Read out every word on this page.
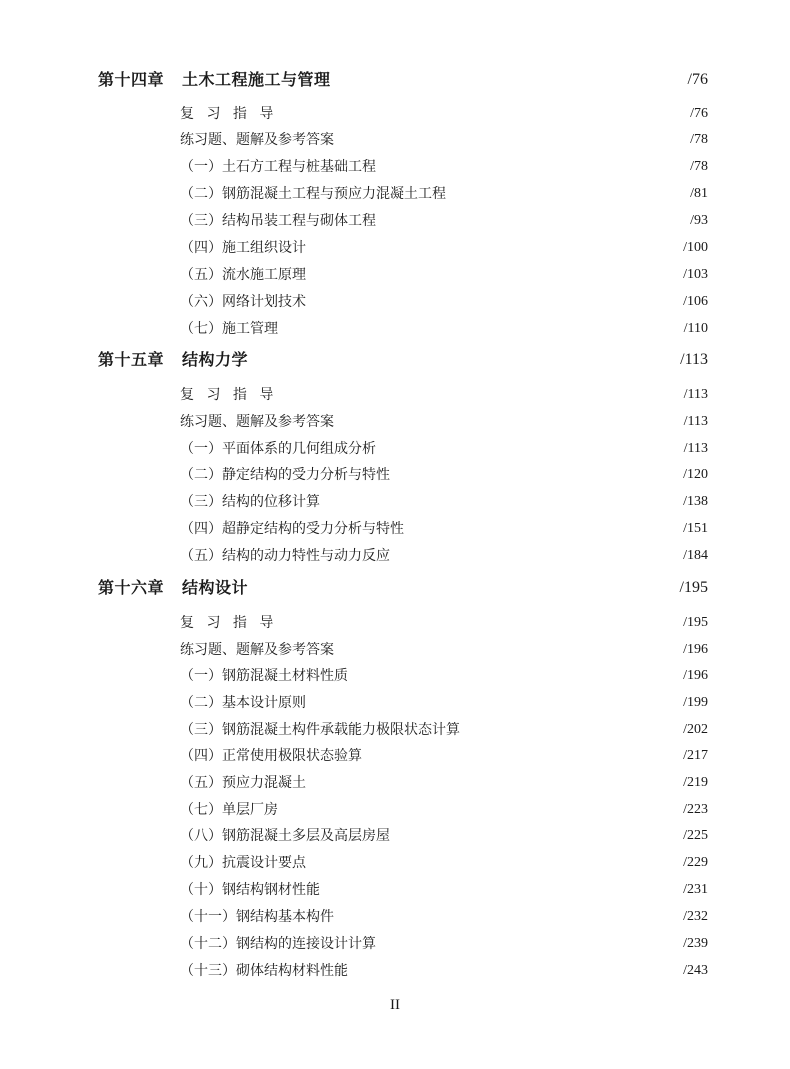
第十四章 土木工程施工与管理	/76
复 习 指 导	/76
练习题、题解及参考答案	/78
（一）土石方工程与桩基础工程	/78
（二）钢筋混凝土工程与预应力混凝土工程	/81
（三）结构吊装工程与砌体工程	/93
（四）施工组织设计	/100
（五）流水施工原理	/103
（六）网络计划技术	/106
（七）施工管理	/110
第十五章 结构力学	/113
复 习 指 导	/113
练习题、题解及参考答案	/113
（一）平面体系的几何组成分析	/113
（二）静定结构的受力分析与特性	/120
（三）结构的位移计算	/138
（四）超静定结构的受力分析与特性	/151
（五）结构的动力特性与动力反应	/184
第十六章 结构设计	/195
复 习 指 导	/195
练习题、题解及参考答案	/196
（一）钢筋混凝土材料性质	/196
（二）基本设计原则	/199
（三）钢筋混凝土构件承载能力极限状态计算	/202
（四）正常使用极限状态验算	/217
（五）预应力混凝土	/219
（七）单层厂房	/223
（八）钢筋混凝土多层及高层房屋	/225
（九）抗震设计要点	/229
（十）钢结构钢材性能	/231
（十一）钢结构基本构件	/232
（十二）钢结构的连接设计计算	/239
（十三）砌体结构材料性能	/243
II
